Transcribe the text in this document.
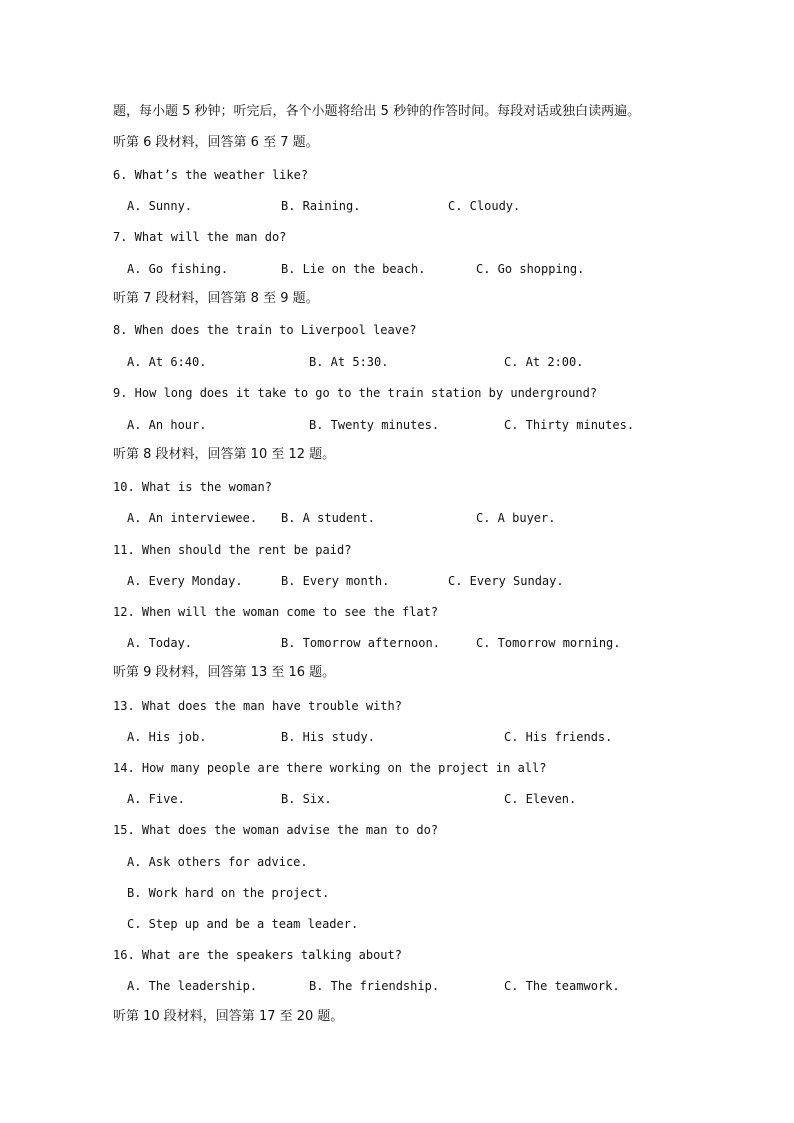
题，每小题 5 秒钟；听完后，各个小题将给出 5 秒钟的作答时间。每段对话或独白读两遍。
听第 6 段材料，回答第 6 至 7 题。
6. What’s the weather like?
A. Sunny.	B. Raining.	C. Cloudy.
7. What will the man do?
A. Go fishing.	B. Lie on the beach.	C. Go shopping.
听第 7 段材料，回答第 8 至 9 题。
8. When does the train to Liverpool leave?
A. At 6:40.	B. At 5:30.	C. At 2:00.
9. How long does it take to go to the train station by underground?
A. An hour.	B. Twenty minutes.	C. Thirty minutes.
听第 8 段材料，回答第 10 至 12 题。
10. What is the woman?
A. An interviewee. B. A student.	C. A buyer.
11. When should the rent be paid?
A. Every Monday.	B. Every month.	C. Every Sunday.
12. When will the woman come to see the flat?
A. Today.	B. Tomorrow afternoon.	C. Tomorrow morning.
听第 9 段材料，回答第 13 至 16 题。
13. What does the man have trouble with?
A. His job.	B. His study.	C. His friends.
14. How many people are there working on the project in all?
A. Five.	B. Six.	C. Eleven.
15. What does the woman advise the man to do?
A. Ask others for advice.
B. Work hard on the project.
C. Step up and be a team leader.
16. What are the speakers talking about?
A. The leadership.	B. The friendship.	C. The teamwork.
听第 10 段材料，回答第 17 至 20 题。
